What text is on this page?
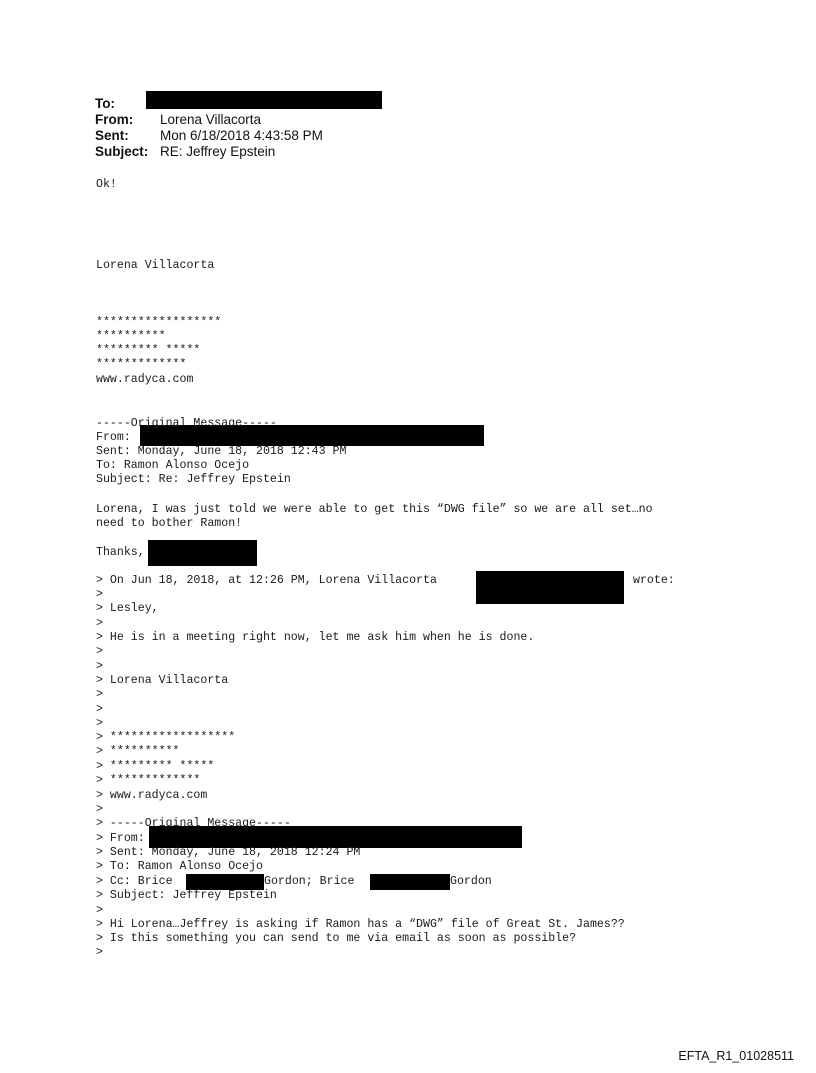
To:
From:	Lorena Villacorta
Sent:	Mon 6/18/2018 4:43:58 PM
Subject: RE: Jeffrey Epstein
Ok!
Lorena Villacorta
******************
**********
********* *****
*************
www.radyca.com
-----Original Message-----
From:
Sent: Monday, June 18, 2018 12:43 PM
To: Ramon Alonso Ocejo
Subject: Re: Jeffrey Epstein
Lorena, I was just told we were able to get this “DWG file” so we are all set…no
need to bother Ramon!
Thanks,
> On Jun 18, 2018, at 12:26 PM, Lorena Villacorta	wrote:
>
> Lesley,
>
> He is in a meeting right now, let me ask him when he is done.
>
>
> Lorena Villacorta
>
>
>
> ******************
> **********
> ********* *****
> *************
> www.radyca.com
>
> -----Original Message-----
> From:
> Sent: Monday, June 18, 2018 12:24 PM
> To: Ramon Alonso Ocejo
> Cc: Brice	Gordon; Brice	Gordon
> Subject: Jeffrey Epstein
>
> Hi Lorena…Jeffrey is asking if Ramon has a “DWG” file of Great St. James??
> Is this something you can send to me via email as soon as possible?
>
EFTA_R1_01028511
